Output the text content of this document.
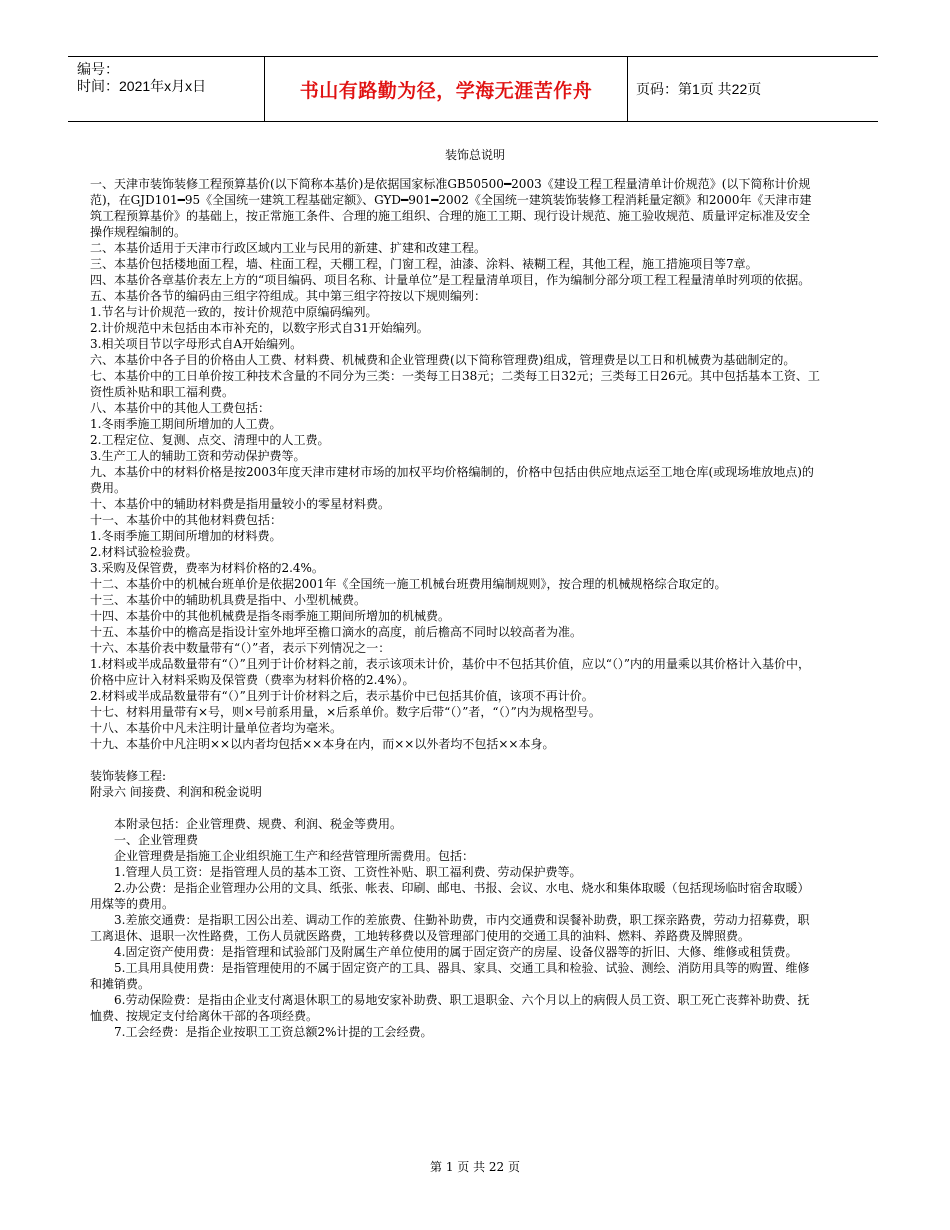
编号：
时间：2021年x月x日	书山有路勤为径，学海无涯苦作舟	页码：第1页 共22页
装饰总说明

一、天津市装饰装修工程预算基价(以下简称本基价)是依据国家标准GB50500━2003《建设工程工程量清单计价规范》(以下简称计价规范)，在GJD101━95《全国统一建筑工程基础定额》、GYD━901━2002《全国统一建筑装饰装修工程消耗量定额》和2000年《天津市建筑工程预算基价》的基础上，按正常施工条件、合理的施工组织、合理的施工工期、现行设计规范、施工验收规范、质量评定标准及安全操作规程编制的。

二、本基价适用于天津市行政区域内工业与民用的新建、扩建和改建工程。

三、本基价包括楼地面工程，墙、柱面工程，天棚工程，门窗工程，油漆、涂料、裱糊工程，其他工程，施工措施项目等7章。

四、本基价各章基价表左上方的“项目编码、项目名称、计量单位”是工程量清单项目，作为编制分部分项工程工程量清单时列项的依据。

五、本基价各节的编码由三组字符组成。其中第三组字符按以下规则编列：

1.节名与计价规范一致的，按计价规范中原编码编列。

2.计价规范中未包括由本市补充的，以数字形式自31开始编列。

3.相关项目节以字母形式自A开始编列。

六、本基价中各子目的价格由人工费、材料费、机械费和企业管理费(以下简称管理费)组成，管理费是以工日和机械费为基础制定的。

七、本基价中的工日单价按工种技术含量的不同分为三类：一类每工日38元；二类每工日32元；三类每工日26元。其中包括基本工资、工资性质补贴和职工福利费。

八、本基价中的其他人工费包括：

1.冬雨季施工期间所增加的人工费。

2.工程定位、复测、点交、清理中的人工费。

3.生产工人的辅助工资和劳动保护费等。

九、本基价中的材料价格是按2003年度天津市建材市场的加权平均价格编制的，价格中包括由供应地点运至工地仓库(或现场堆放地点)的费用。

十、本基价中的辅助材料费是指用量较小的零星材料费。

十一、本基价中的其他材料费包括：

1.冬雨季施工期间所增加的材料费。

2.材料试验检验费。

3.采购及保管费，费率为材料价格的2.4%。

十二、本基价中的机械台班单价是依据2001年《全国统一施工机械台班费用编制规则》，按合理的机械规格综合取定的。

十三、本基价中的辅助机具费是指中、小型机械费。

十四、本基价中的其他机械费是指冬雨季施工期间所增加的机械费。

十五、本基价中的檐高是指设计室外地坪至檐口滴水的高度，前后檐高不同时以较高者为准。

十六、本基价表中数量带有“（）”者，表示下列情况之一：

1.材料或半成品数量带有“（）”且列于计价材料之前，表示该项未计价，基价中不包括其价值，应以“（）”内的用量乘以其价格计入基价中，价格中应计入材料采购及保管费（费率为材料价格的2.4%）。

2.材料或半成品数量带有“（）”且列于计价材料之后，表示基价中已包括其价值，该项不再计价。

十七、材料用量带有×号，则×号前系用量，×后系单价。数字后带“（）”者，“（）”内为规格型号。

十八、本基价中凡未注明计量单位者均为毫米。

十九、本基价中凡注明××以内者均包括××本身在内，而××以外者均不包括××本身。

装饰装修工程:

附录六 间接费、利润和税金说明

本附录包括：企业管理费、规费、利润、税金等费用。

一、企业管理费

企业管理费是指施工企业组织施工生产和经营管理所需费用。包括：

1.管理人员工资：是指管理人员的基本工资、工资性补贴、职工福利费、劳动保护费等。

2.办公费：是指企业管理办公用的文具、纸张、帐表、印刷、邮电、书报、会议、水电、烧水和集体取暖（包括现场临时宿舍取暖）用煤等的费用。

3.差旅交通费：是指职工因公出差、调动工作的差旅费、住勤补助费，市内交通费和误餐补助费，职工探亲路费，劳动力招募费，职工离退休、退职一次性路费，工伤人员就医路费，工地转移费以及管理部门使用的交通工具的油料、燃料、养路费及牌照费。

4.固定资产使用费：是指管理和试验部门及附属生产单位使用的属于固定资产的房屋、设备仪器等的折旧、大修、维修或租赁费。

5.工具用具使用费：是指管理使用的不属于固定资产的工具、器具、家具、交通工具和检验、试验、测绘、消防用具等的购置、维修和摊销费。

6.劳动保险费：是指由企业支付离退休职工的易地安家补助费、职工退职金、六个月以上的病假人员工资、职工死亡丧葬补助费、抚恤费、按规定支付给离休干部的各项经费。

7.工会经费：是指企业按职工工资总额2%计提的工会经费。

第 1 页 共 22 页
